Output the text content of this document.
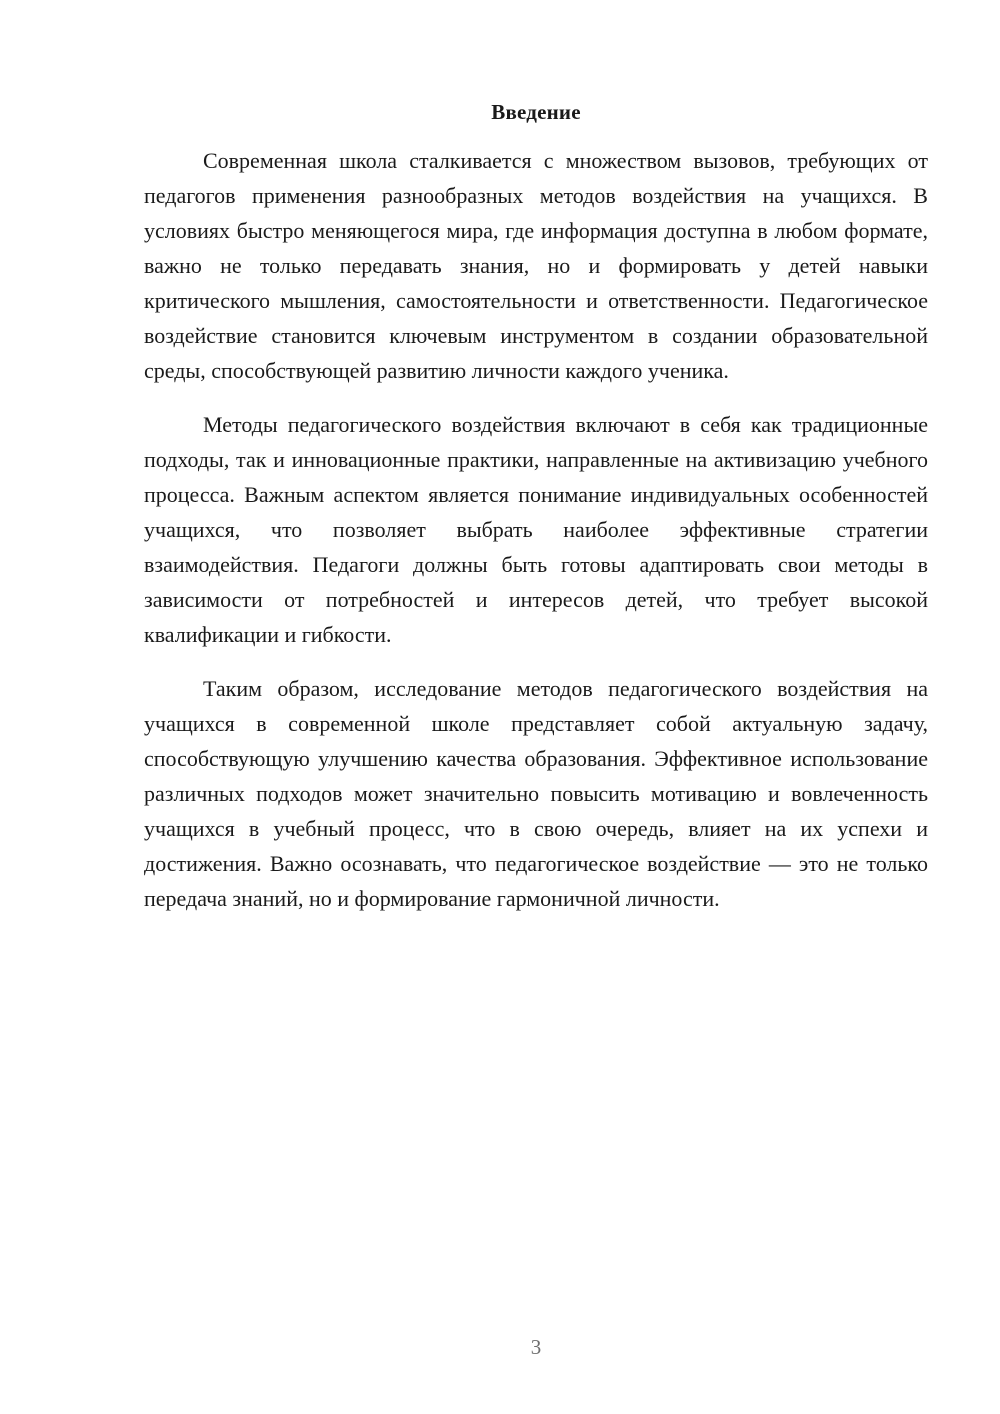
Введение

Современная школа сталкивается с множеством вызовов, требующих от педагогов применения разнообразных методов воздействия на учащихся. В условиях быстро меняющегося мира, где информация доступна в любом формате, важно не только передавать знания, но и формировать у детей навыки критического мышления, самостоятельности и ответственности. Педагогическое воздействие становится ключевым инструментом в создании образовательной среды, способствующей развитию личности каждого ученика.

Методы педагогического воздействия включают в себя как традиционные подходы, так и инновационные практики, направленные на активизацию учебного процесса. Важным аспектом является понимание индивидуальных особенностей учащихся, что позволяет выбрать наиболее эффективные стратегии взаимодействия. Педагоги должны быть готовы адаптировать свои методы в зависимости от потребностей и интересов детей, что требует высокой квалификации и гибкости.

Таким образом, исследование методов педагогического воздействия на учащихся в современной школе представляет собой актуальную задачу, способствующую улучшению качества образования. Эффективное использование различных подходов может значительно повысить мотивацию и вовлеченность учащихся в учебный процесс, что в свою очередь, влияет на их успехи и достижения. Важно осознавать, что педагогическое воздействие — это не только передача знаний, но и формирование гармоничной личности.

3
